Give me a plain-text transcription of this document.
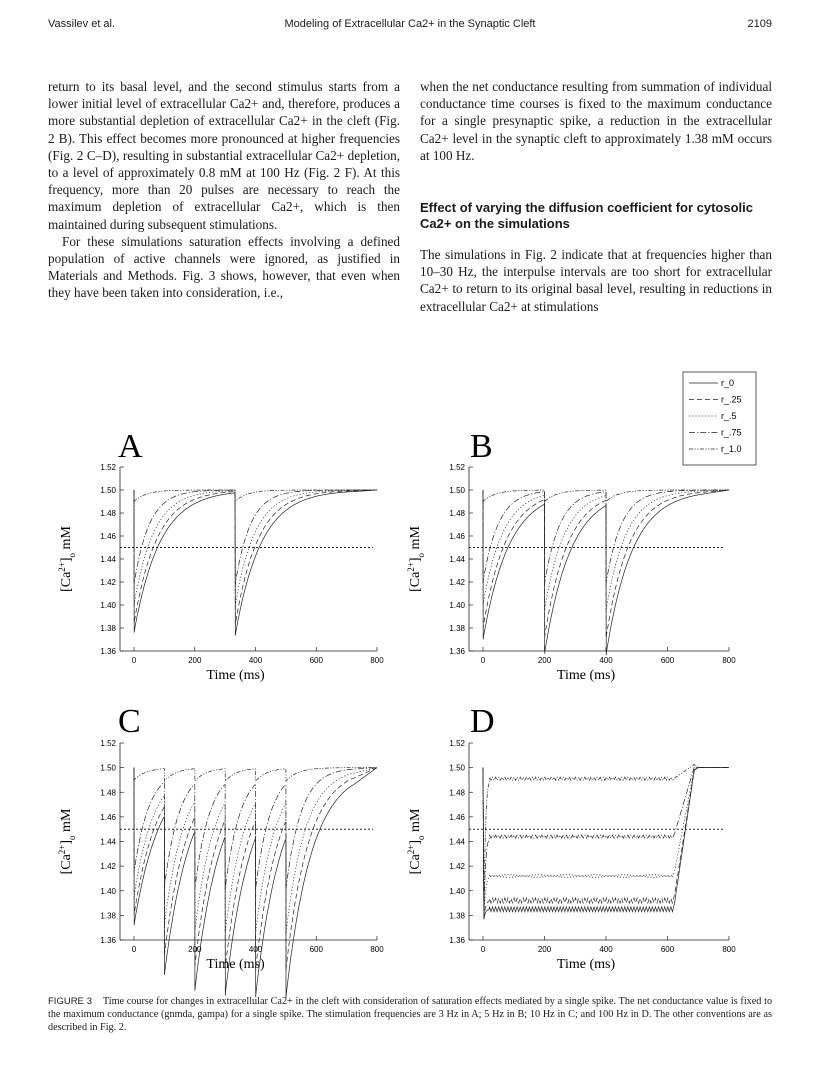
Vassilev et al.	Modeling of Extracellular Ca2+ in the Synaptic Cleft	2109

return to its basal level, and the second stimulus starts from a lower initial level of extracellular Ca2+ and, therefore, produces a more substantial depletion of extracellular Ca2+ in the cleft (Fig. 2 B). This effect becomes more pronounced at higher frequencies (Fig. 2 C–D), resulting in substantial extracellular Ca2+ depletion, to a level of approximately 0.8 mM at 100 Hz (Fig. 2 F). At this frequency, more than 20 pulses are necessary to reach the maximum depletion of extracellular Ca2+, which is then maintained during subsequent stimulations.

For these simulations saturation effects involving a defined population of active channels were ignored, as justified in Materials and Methods. Fig. 3 shows, however, that even when they have been taken into consideration, i.e.,

when the net conductance resulting from summation of individual conductance time courses is fixed to the maximum conductance for a single presynaptic spike, a reduction in the extracellular Ca2+ level in the synaptic cleft to approximately 1.38 mM occurs at 100 Hz.

Effect of varying the diffusion coefficient for cytosolic Ca2+ on the simulations

The simulations in Fig. 2 indicate that at frequencies higher than 10–30 Hz, the interpulse intervals are too short for extracellular Ca2+ to return to its original basal level, resulting in reductions in extracellular Ca2+ at stimulations

A
1.36
1.38
1.40
1.42
1.44
1.46
1.48
1.50
1.52
0	200	400	600	800
Time (ms)
$[Ca^{2+}]_o$ mM
B
1.36
1.38
1.40
1.42
1.44
1.46
1.48
1.50
1.52
0	200	400	600	800
Time (ms)
$[Ca^{2+}]_o$ mM
C
1.36
1.38
1.40
1.42
1.44
1.46
1.48
1.50
1.52
0	200	400	600	800
Time (ms)
$[Ca^{2+}]_o$ mM
D
1.36
1.38
1.40
1.42
1.44
1.46
1.48
1.50
1.52
0	200	400	600	800
Time (ms)
$[Ca^{2+}]_o$ mM
r_0
r_.25
r_.5
r_.75
r_1.0
FIGURE 3 Time course for changes in extracellular Ca2+ in the cleft with consideration of saturation effects mediated by a single spike. The net conductance value is fixed to the maximum conductance (gnmda, gampa) for a single spike. The stimulation frequencies are 3 Hz in A; 5 Hz in B; 10 Hz in C; and 100 Hz in D. The other conventions are as described in Fig. 2.
